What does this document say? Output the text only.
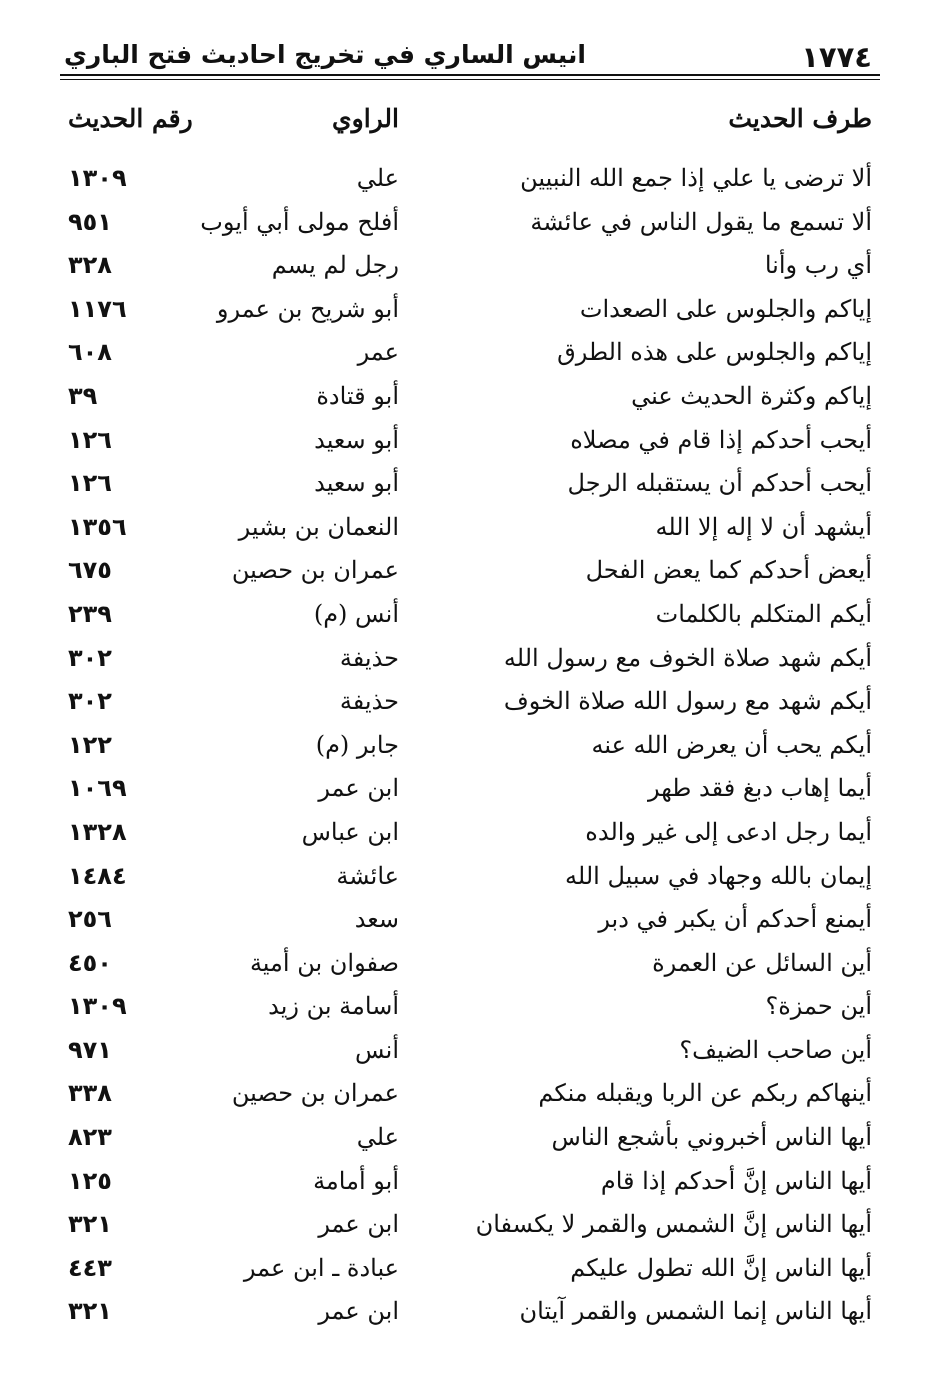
١٧٧٤
انيس الساري في تخريج احاديث فتح الباري
طرف الحديث
الراوي
رقم الحديث
ألا ترضى يا علي إذا جمع الله النبيين
علي
١٣٠٩
ألا تسمع ما يقول الناس في عائشة
أفلح مولى أبي أيوب
٩٥١
أي رب وأنا
رجل لم يسم
٣٢٨
إياكم والجلوس على الصعدات
أبو شريح بن عمرو
١١٧٦
إياكم والجلوس على هذه الطرق
عمر
٦٠٨
إياكم وكثرة الحديث عني
أبو قتادة
٣٩
أيحب أحدكم إذا قام في مصلاه
أبو سعيد
١٢٦
أيحب أحدكم أن يستقبله الرجل
أبو سعيد
١٢٦
أيشهد أن لا إله إلا الله
النعمان بن بشير
١٣٥٦
أيعض أحدكم كما يعض الفحل
عمران بن حصين
٦٧٥
أيكم المتكلم بالكلمات
أنس (م)
٢٣٩
أيكم شهد صلاة الخوف مع رسول الله
حذيفة
٣٠٢
أيكم شهد مع رسول الله صلاة الخوف
حذيفة
٣٠٢
أيكم يحب أن يعرض الله عنه
جابر (م)
١٢٢
أيما إهاب دبغ فقد طهر
ابن عمر
١٠٦٩
أيما رجل ادعى إلى غير والده
ابن عباس
١٣٢٨
إيمان بالله وجهاد في سبيل الله
عائشة
١٤٨٤
أيمنع أحدكم أن يكبر في دبر
سعد
٢٥٦
أين السائل عن العمرة
صفوان بن أمية
٤٥٠
أين حمزة؟
أسامة بن زيد
١٣٠٩
أين صاحب الضيف؟
أنس
٩٧١
أينهاكم ربكم عن الربا ويقبله منكم
عمران بن حصين
٣٣٨
أيها الناس أخبروني بأشجع الناس
علي
٨٢٣
أيها الناس إنَّ أحدكم إذا قام
أبو أمامة
١٢٥
أيها الناس إنَّ الشمس والقمر لا يكسفان
ابن عمر
٣٢١
أيها الناس إنَّ الله تطول عليكم
عبادة ـ ابن عمر
٤٤٣
أيها الناس إنما الشمس والقمر آيتان
ابن عمر
٣٢١
